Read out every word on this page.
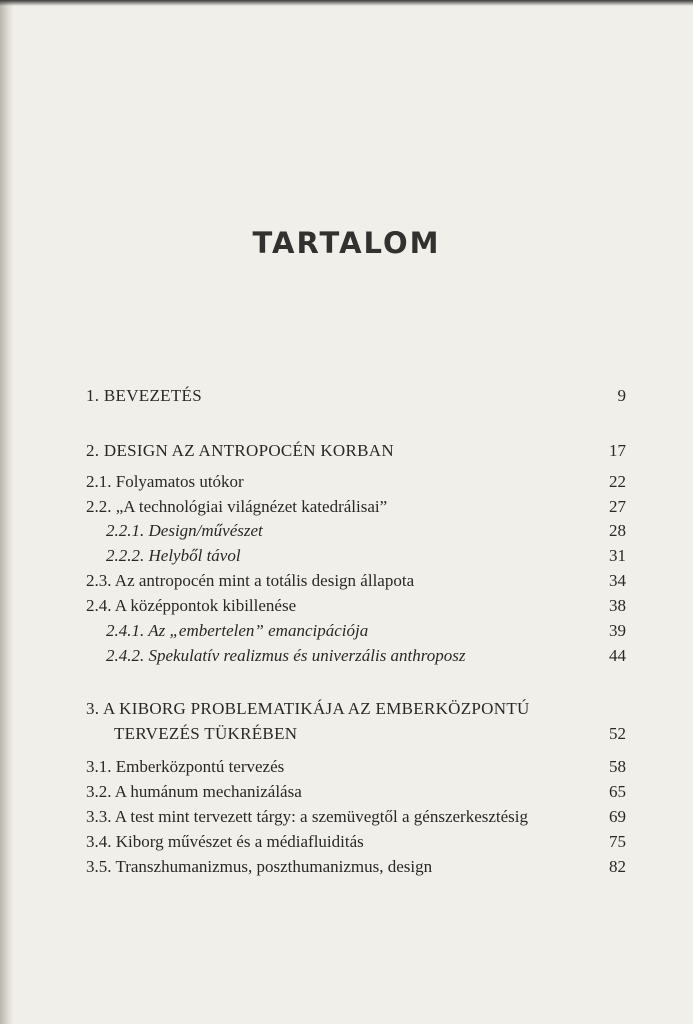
TARTALOM
1. BEVEZETÉS	9
2. DESIGN AZ ANTROPOCÉN KORBAN	17
2.1. Folyamatos utókor	22
2.2. „A technológiai világnézet katedrálisai”	27
2.2.1. Design/művészet	28
2.2.2. Helyből távol	31
2.3. Az antropocén mint a totális design állapota	34
2.4. A középpontok kibillenése	38
2.4.1. Az „embertelen” emancipációja	39
2.4.2. Spekulatív realizmus és univerzális anthroposz	44
3. A KIBORG PROBLEMATIKÁJA AZ EMBERKÖZPONTÚ
TERVEZÉS TÜKRÉBEN	52
3.1. Emberközpontú tervezés	58
3.2. A humánum mechanizálása	65
3.3. A test mint tervezett tárgy: a szemüvegtől a génszerkesztésig	69
3.4. Kiborg művészet és a médiafluiditás	75
3.5. Transzhumanizmus, poszthumanizmus, design	82
